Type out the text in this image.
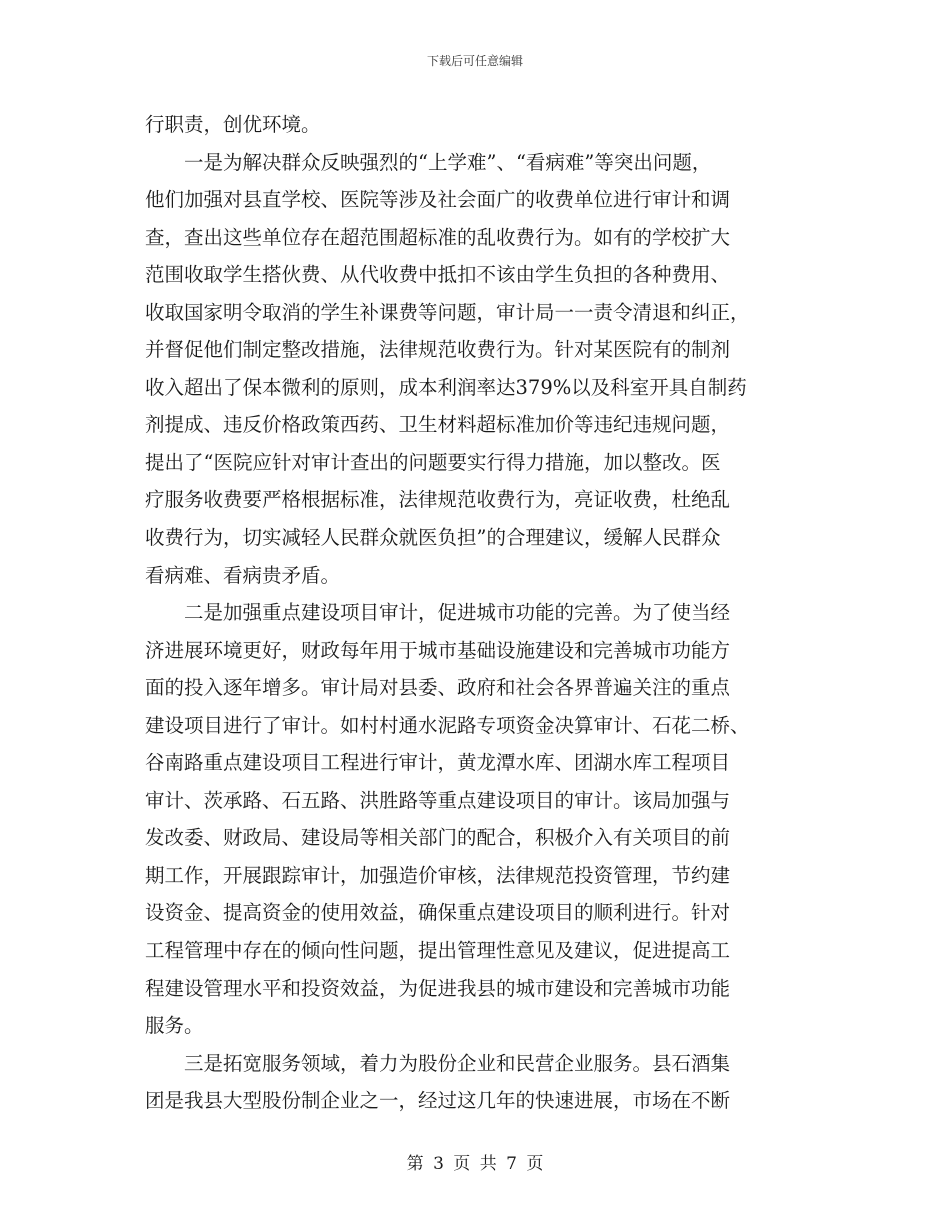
下载后可任意编辑
行职责，创优环境。
一是为解决群众反映强烈的“上学难”、“看病难”等突出问题，
他们加强对县直学校、医院等涉及社会面广的收费单位进行审计和调
查，查出这些单位存在超范围超标准的乱收费行为。如有的学校扩大
范围收取学生搭伙费、从代收费中抵扣不该由学生负担的各种费用、
收取国家明令取消的学生补课费等问题，审计局一一责令清退和纠正，
并督促他们制定整改措施，法律规范收费行为。针对某医院有的制剂
收入超出了保本微利的原则，成本利润率达379%以及科室开具自制药
剂提成、违反价格政策西药、卫生材料超标准加价等违纪违规问题，
提出了“医院应针对审计查出的问题要实行得力措施，加以整改。医
疗服务收费要严格根据标准，法律规范收费行为，亮证收费，杜绝乱
收费行为，切实减轻人民群众就医负担”的合理建议，缓解人民群众
看病难、看病贵矛盾。
二是加强重点建设项目审计，促进城市功能的完善。为了使当经
济进展环境更好，财政每年用于城市基础设施建设和完善城市功能方
面的投入逐年增多。审计局对县委、政府和社会各界普遍关注的重点
建设项目进行了审计。如村村通水泥路专项资金决算审计、石花二桥、
谷南路重点建设项目工程进行审计，黄龙潭水库、团湖水库工程项目
审计、茨承路、石五路、洪胜路等重点建设项目的审计。该局加强与
发改委、财政局、建设局等相关部门的配合，积极介入有关项目的前
期工作，开展跟踪审计，加强造价审核，法律规范投资管理，节约建
设资金、提高资金的使用效益，确保重点建设项目的顺利进行。针对
工程管理中存在的倾向性问题，提出管理性意见及建议，促进提高工
程建设管理水平和投资效益，为促进我县的城市建设和完善城市功能
服务。
三是拓宽服务领域，着力为股份企业和民营企业服务。县石酒集
团是我县大型股份制企业之一，经过这几年的快速进展，市场在不断
第 3 页 共 7 页
